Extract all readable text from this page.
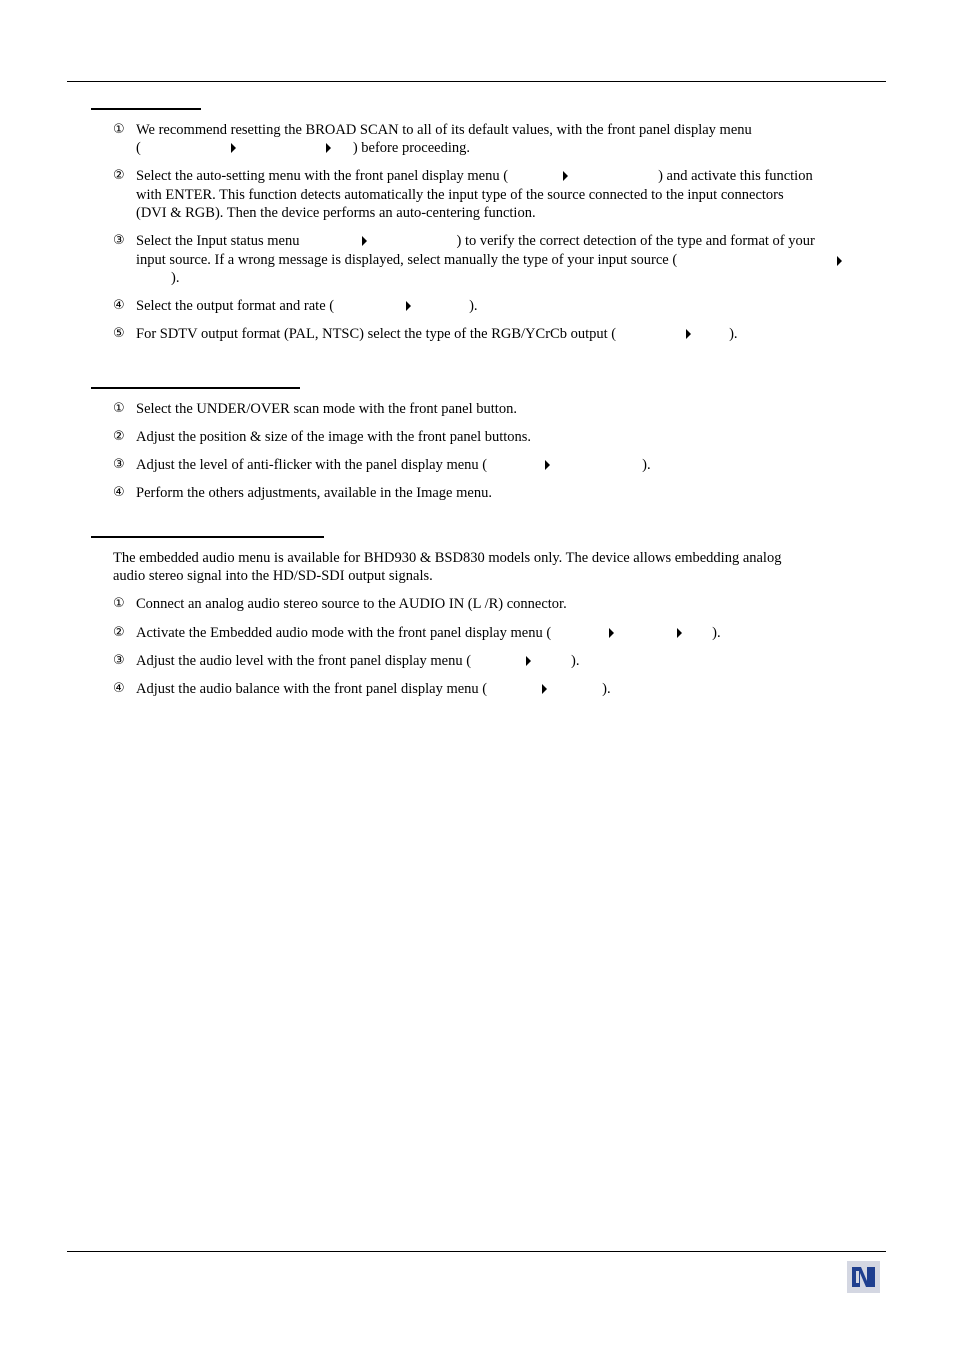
① We recommend resetting the BROAD SCAN to all of its default values, with the front panel display menu
(	) before proceeding.
② Select the auto-setting menu with the front panel display menu (	) and activate this function
with ENTER. This function detects automatically the input type of the source connected to the input connectors
(DVI & RGB). Then the device performs an auto-centering function.
③ Select the Input status menu	) to verify the correct detection of the type and format of your
input source. If a wrong message is displayed, select manually the type of your input source (
).
④ Select the output format and rate (	).
⑤ For SDTV output format (PAL, NTSC) select the type of the RGB/YCrCb output (	).
① Select the UNDER/OVER scan mode with the front panel button.
② Adjust the position & size of the image with the front panel buttons.
③ Adjust the level of anti-flicker with the panel display menu (	).
④ Perform the others adjustments, available in the Image menu.
The embedded audio menu is available for BHD930 & BSD830 models only. The device allows embedding analog
audio stereo signal into the HD/SD-SDI output signals.
① Connect an analog audio stereo source to the AUDIO IN (L /R) connector.
② Activate the Embedded audio mode with the front panel display menu (	).
③ Adjust the audio level with the front panel display menu (	).
④ Adjust the audio balance with the front panel display menu (	).
